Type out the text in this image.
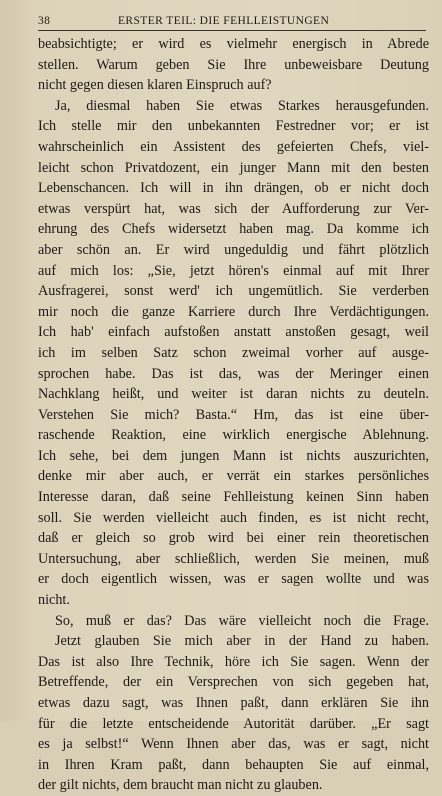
38	ERSTER TEIL: DIE FEHLLEISTUNGEN
beabsichtigte; er wird es vielmehr energisch in Abrede
stellen. Warum geben Sie Ihre unbeweisbare Deutung
nicht gegen diesen klaren Einspruch auf?
Ja, diesmal haben Sie etwas Starkes herausgefunden.
Ich stelle mir den unbekannten Festredner vor; er ist
wahrscheinlich ein Assistent des gefeierten Chefs, viel-
leicht schon Privatdozent, ein junger Mann mit den besten
Lebenschancen. Ich will in ihn drängen, ob er nicht doch
etwas verspürt hat, was sich der Aufforderung zur Ver-
ehrung des Chefs widersetzt haben mag. Da komme ich
aber schön an. Er wird ungeduldig und fährt plötzlich
auf mich los: „Sie, jetzt hören's einmal auf mit Ihrer
Ausfragerei, sonst werd' ich ungemütlich. Sie verderben
mir noch die ganze Karriere durch Ihre Verdächtigungen.
Ich hab' einfach aufstoßen anstatt anstoßen gesagt, weil
ich im selben Satz schon zweimal vorher auf ausge-
sprochen habe. Das ist das, was der Meringer einen
Nachklang heißt, und weiter ist daran nichts zu deuteln.
Verstehen Sie mich? Basta.“ Hm, das ist eine über-
raschende Reaktion, eine wirklich energische Ablehnung.
Ich sehe, bei dem jungen Mann ist nichts auszurichten,
denke mir aber auch, er verrät ein starkes persönliches
Interesse daran, daß seine Fehlleistung keinen Sinn haben
soll. Sie werden vielleicht auch finden, es ist nicht recht,
daß er gleich so grob wird bei einer rein theoretischen
Untersuchung, aber schließlich, werden Sie meinen, muß
er doch eigentlich wissen, was er sagen wollte und was
nicht.
So, muß er das? Das wäre vielleicht noch die Frage.
Jetzt glauben Sie mich aber in der Hand zu haben.
Das ist also Ihre Technik, höre ich Sie sagen. Wenn der
Betreffende, der ein Versprechen von sich gegeben hat,
etwas dazu sagt, was Ihnen paßt, dann erklären Sie ihn
für die letzte entscheidende Autorität darüber. „Er sagt
es ja selbst!“ Wenn Ihnen aber das, was er sagt, nicht
in Ihren Kram paßt, dann behaupten Sie auf einmal,
der gilt nichts, dem braucht man nicht zu glauben.
